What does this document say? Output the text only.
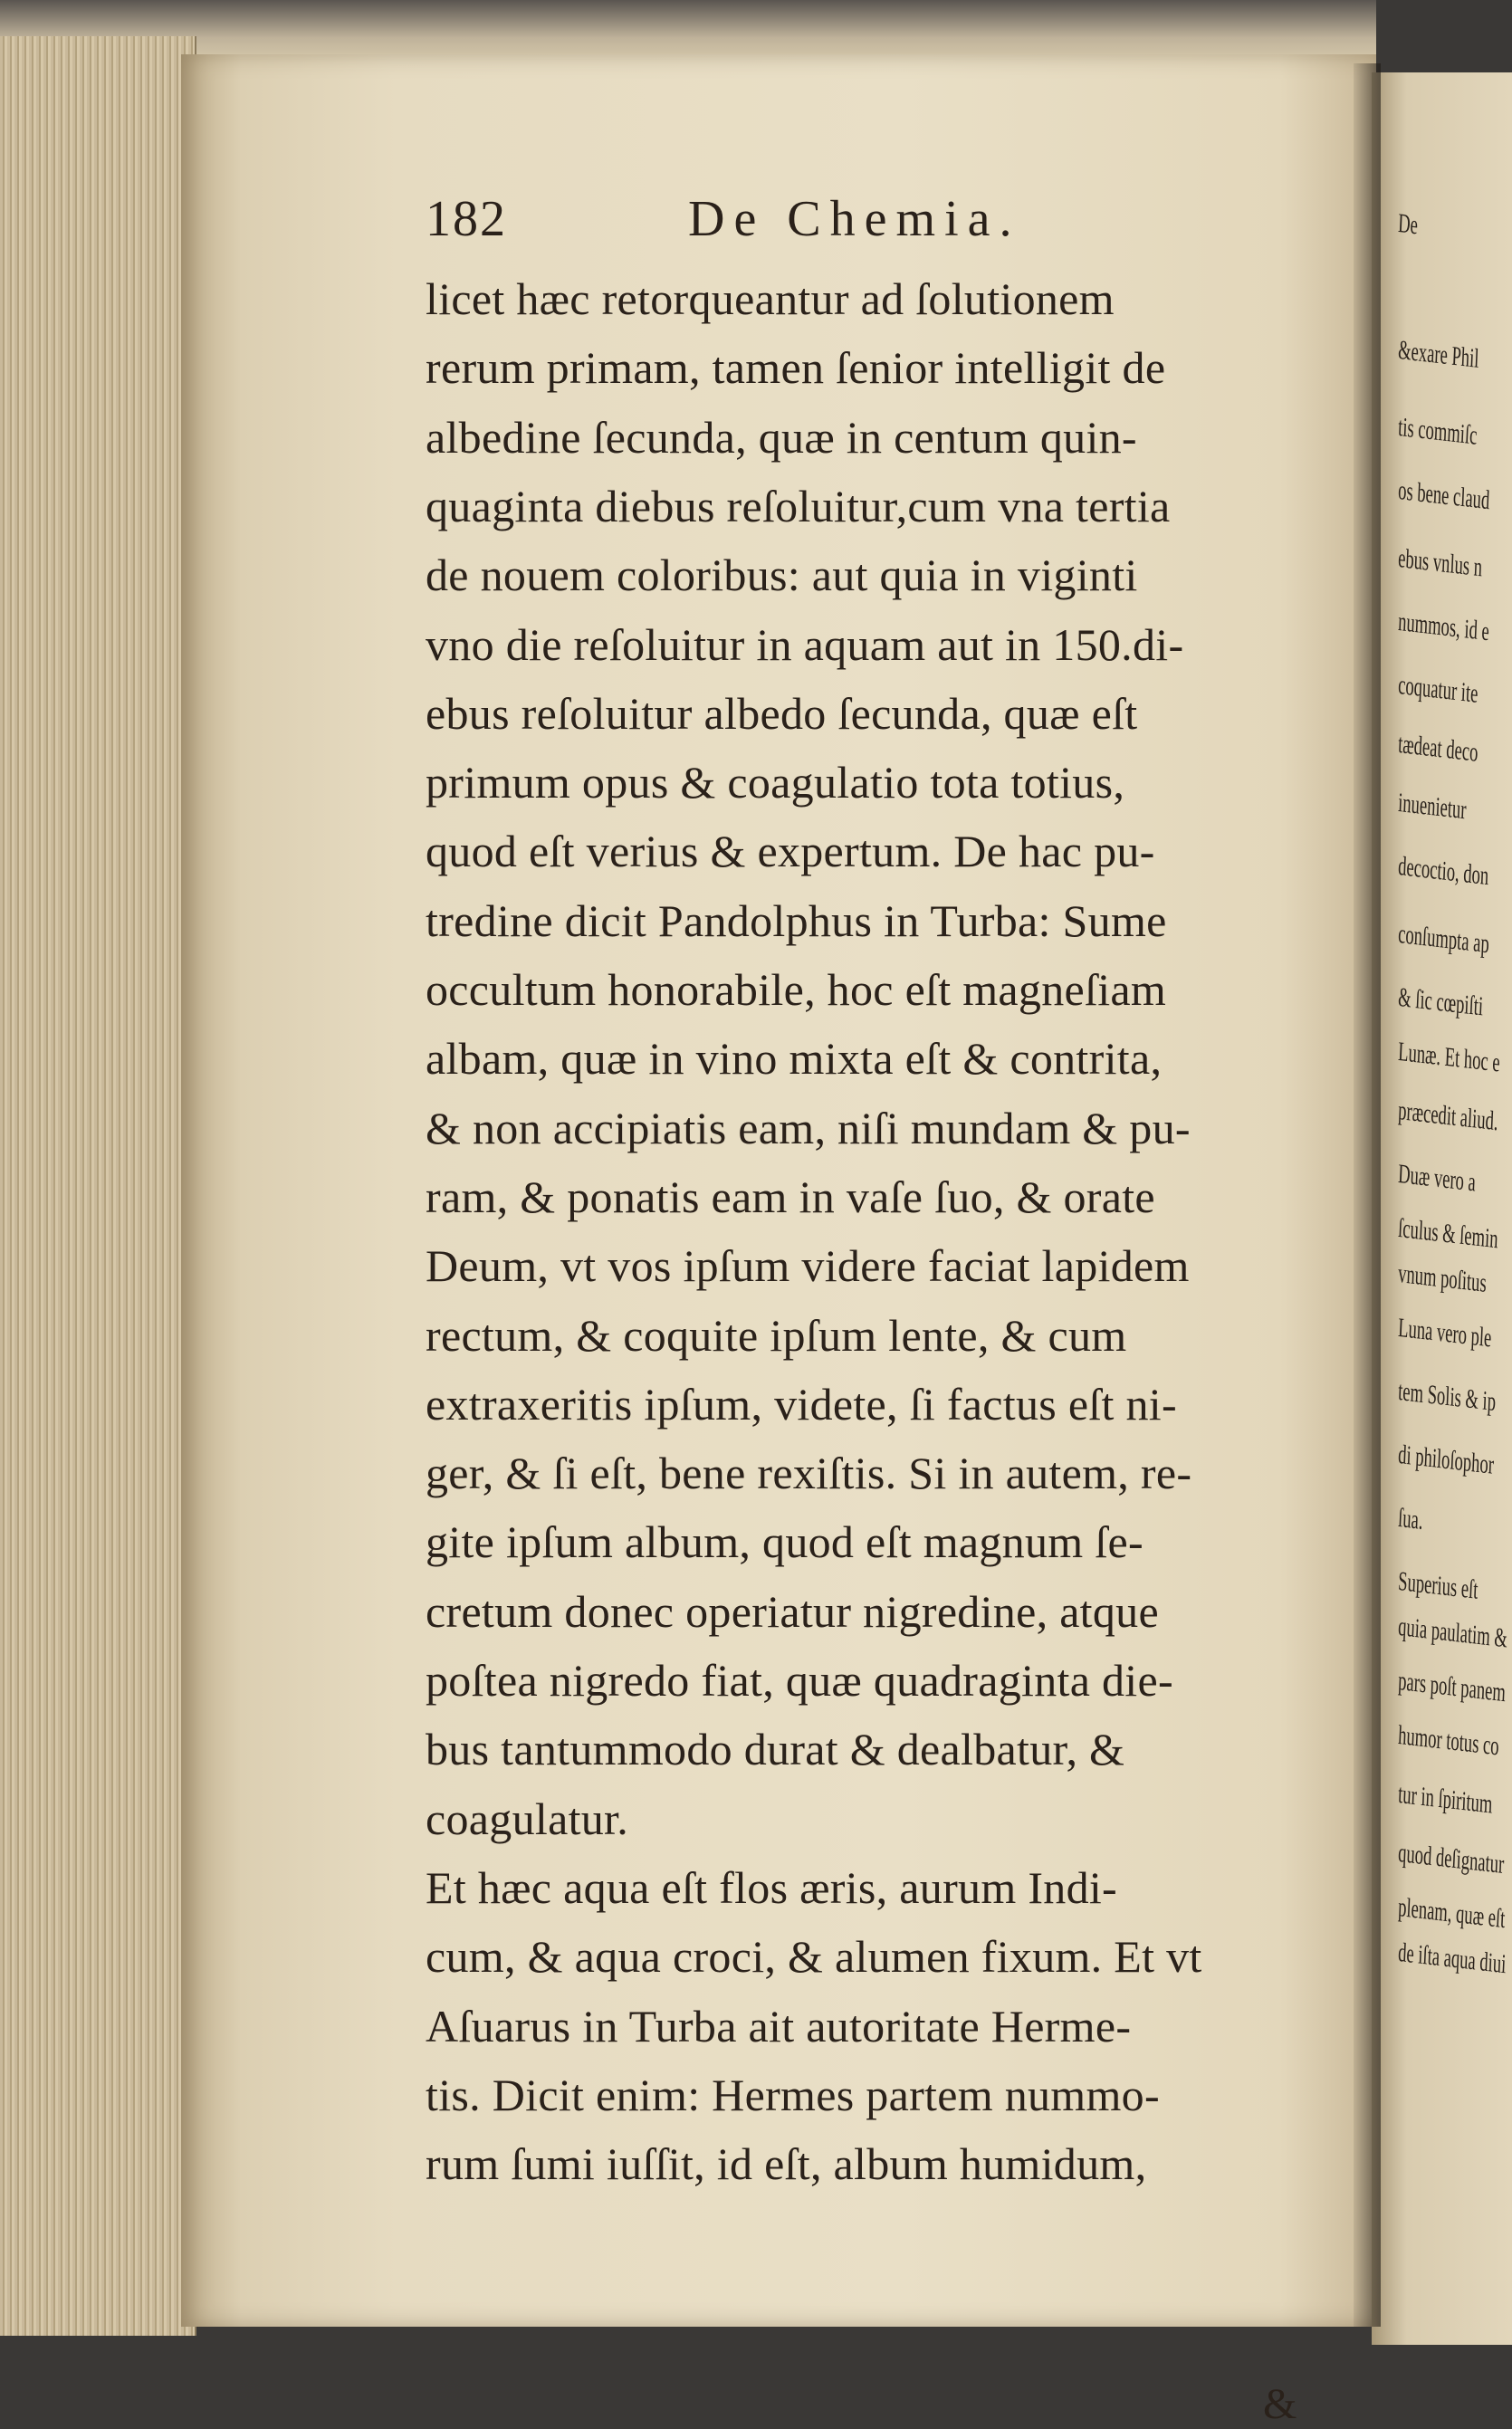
De
&exare Phil
tis commiſc
os bene claud
ebus vnlus n
nummos, id e
coquatur ite
tædeat deco
inuenietur
decoctio, don
conſumpta ap
& ſic cœpiſti
Lunæ. Et hoc e
præcedit aliud.
Duæ vero a
ſculus & ſemin
vnum poſitus
Luna vero ple
tem Solis & ip
di philoſophor
ſua.
Superius eſt
quia paulatim &
pars poſt panem
humor totus co
tur in ſpiritum
quod deſignatur
plenam, quæ eſt
de iſta aqua diui
182	De Chemia.
licet hæc retorqueantur ad ſolutionem
rerum primam, tamen ſenior intelligit de
albedine ſecunda, quæ in centum quin-
quaginta diebus reſoluitur,cum vna tertia
de nouem coloribus: aut quia in viginti
vno die reſoluitur in aquam aut in 150.di-
ebus reſoluitur albedo ſecunda, quæ eſt
primum opus & coagulatio tota totius,
quod eſt verius & expertum. De hac pu-
tredine dicit Pandolphus in Turba: Sume
occultum honorabile, hoc eſt magneſiam
albam, quæ in vino mixta eſt & contrita,
& non accipiatis eam, niſi mundam & pu-
ram, & ponatis eam in vaſe ſuo, & orate
Deum, vt vos ipſum videre faciat lapidem
rectum, & coquite ipſum lente, & cum
extraxeritis ipſum, videte, ſi factus eſt ni-
ger, & ſi eſt, bene rexiſtis. Si in autem, re-
gite ipſum album, quod eſt magnum ſe-
cretum donec operiatur nigredine, atque
poſtea nigredo fiat, quæ quadraginta die-
bus tantummodo durat & dealbatur, &
coagulatur.
Et hæc aqua eſt flos æris, aurum Indi-
cum, & aqua croci, & alumen fixum. Et vt
Aſuarus in Turba ait autoritate Herme-
tis. Dicit enim: Hermes partem nummo-
rum ſumi iuſſit, id eſt, album humidum,
&
